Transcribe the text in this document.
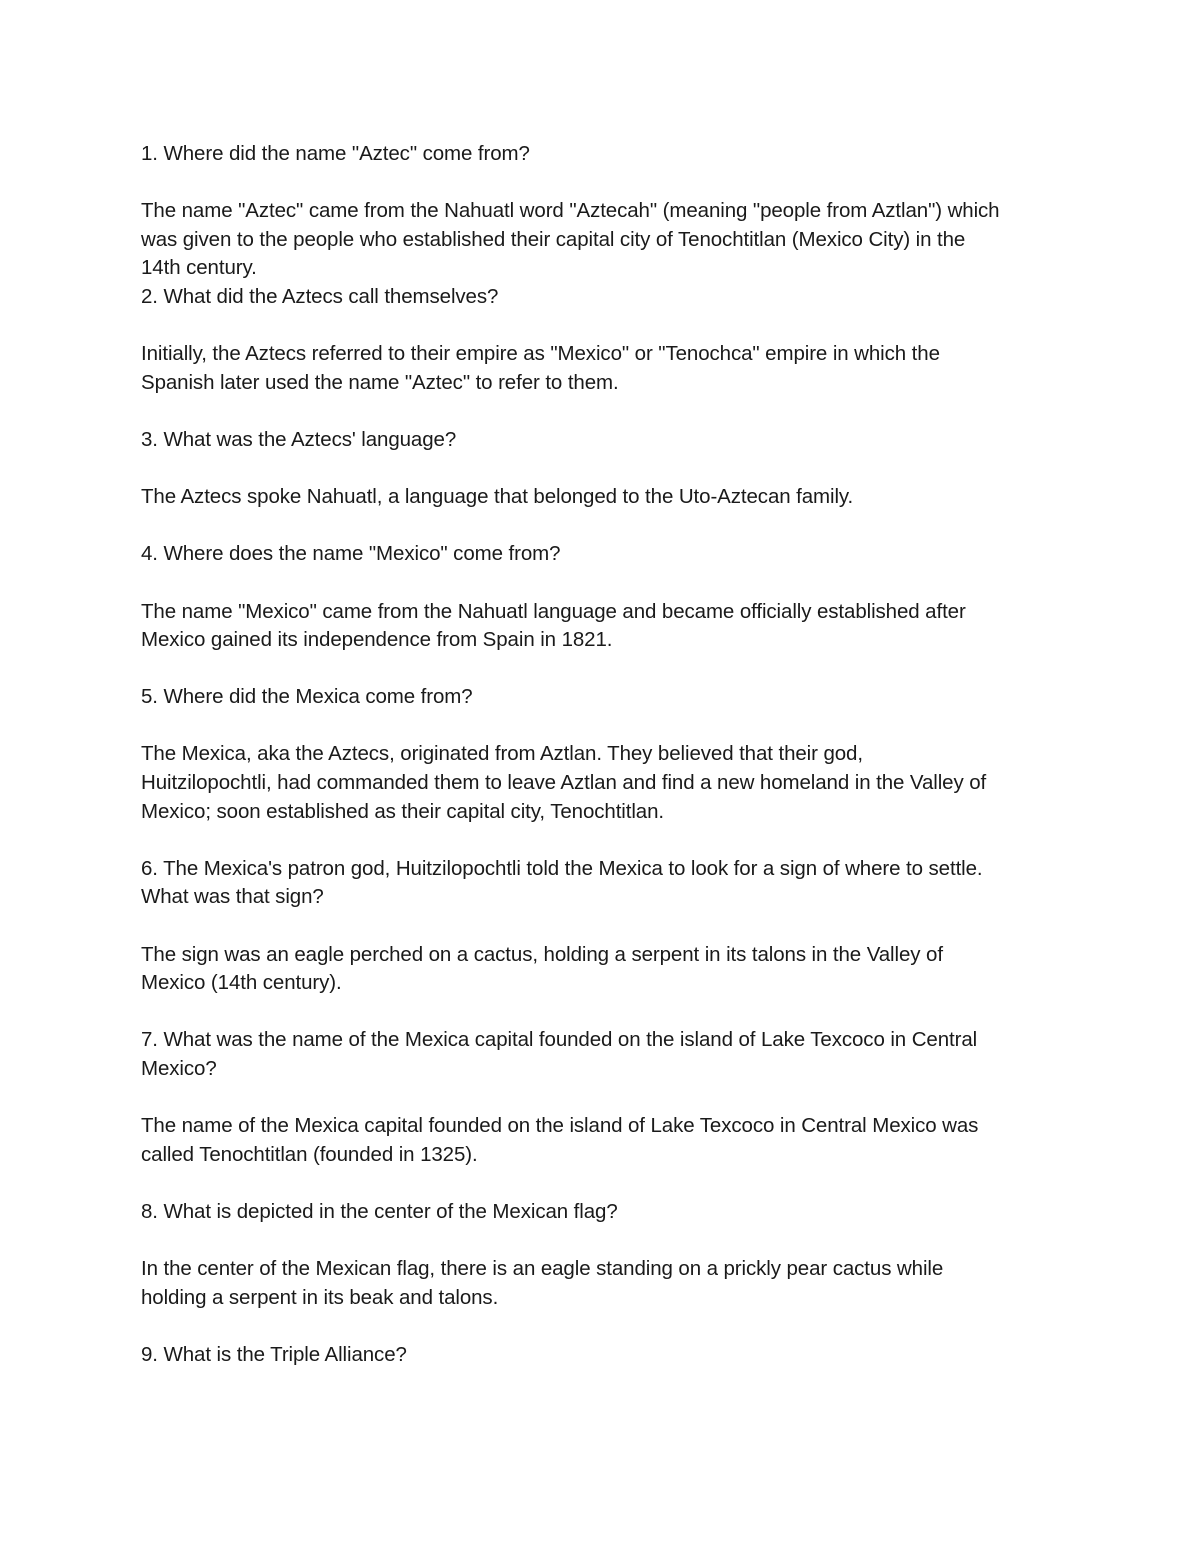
1. Where did the name "Aztec" come from?
The name "Aztec" came from the Nahuatl word "Aztecah" (meaning "people from Aztlan") which
was given to the people who established their capital city of Tenochtitlan (Mexico City) in the
14th century.
2. What did the Aztecs call themselves?
Initially, the Aztecs referred to their empire as "Mexico" or "Tenochca" empire in which the
Spanish later used the name "Aztec" to refer to them.
3. What was the Aztecs' language?
The Aztecs spoke Nahuatl, a language that belonged to the Uto-Aztecan family.
4. Where does the name "Mexico" come from?
The name "Mexico" came from the Nahuatl language and became officially established after
Mexico gained its independence from Spain in 1821.
5. Where did the Mexica come from?
The Mexica, aka the Aztecs, originated from Aztlan. They believed that their god,
Huitzilopochtli, had commanded them to leave Aztlan and find a new homeland in the Valley of
Mexico; soon established as their capital city, Tenochtitlan.
6. The Mexica's patron god, Huitzilopochtli told the Mexica to look for a sign of where to settle.
What was that sign?
The sign was an eagle perched on a cactus, holding a serpent in its talons in the Valley of
Mexico (14th century).
7. What was the name of the Mexica capital founded on the island of Lake Texcoco in Central
Mexico?
The name of the Mexica capital founded on the island of Lake Texcoco in Central Mexico was
called Tenochtitlan (founded in 1325).
8. What is depicted in the center of the Mexican flag?
In the center of the Mexican flag, there is an eagle standing on a prickly pear cactus while
holding a serpent in its beak and talons.
9. What is the Triple Alliance?
